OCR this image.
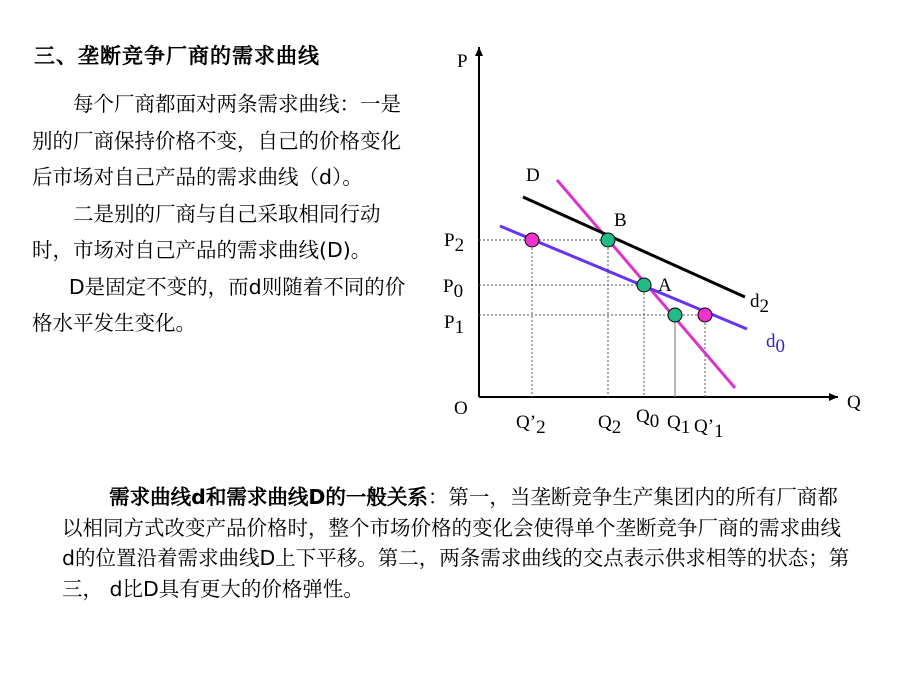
三、垄断竞争厂商的需求曲线

每个厂商都面对两条需求曲线：一是别的厂商保持价格不变，自己的价格变化后市场对自己产品的需求曲线（d）。

二是别的厂商与自己采取相同行动时，市场对自己产品的需求曲线(D)。

D是固定不变的，而d则随着不同的价格水平发生变化。

P
Q
O
D
d2
d0
B
A
P2
P0
P1
Q’2	Q2
Q0 Q1 Q’1

需求曲线d和需求曲线D的一般关系：第一，当垄断竞争生产集团内的所有厂商都以相同方式改变产品价格时，整个市场价格的变化会使得单个垄断竞争厂商的需求曲线d的位置沿着需求曲线D上下平移。第二，两条需求曲线的交点表示供求相等的状态；第三， d比D具有更大的价格弹性。
